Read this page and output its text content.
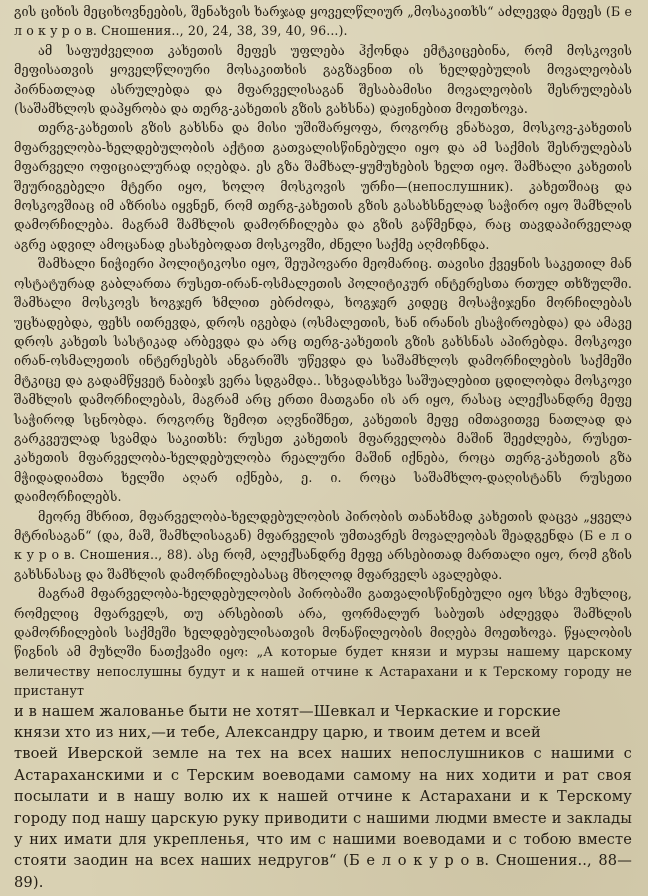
გის ციხის მეციხოვნეების, შენახვის ხარჯად ყოველწლიურ „მოსაკითხს“ აძლევდა მეფეს (Б е л о к у р о в. Сношения.., 20, 24, 38, 39, 40, 96...).

ამ საფუძველით კახეთის მეფეს უფლება ჰქონდა ემტკიცებინა, რომ მოსკოვის მეფისათვის ყოველწლიური მოსაკითხის გაგზავნით ის ხელდებულის მოვალეობას პირნათლად ასრულებდა და მფარველისაგან შესაბამისი მოვალეობის შესრულებას (საშამხლოს დაპყრობა და თერგ-კახეთის გზის გახსნა) დაჟინებით მოეთხოვა.

თერგ-კახეთის გზის გახსნა და მისი უშიშარყოფა, როგორც ვნახავთ, მოსკოვ-კახეთის მფარველობა-ხელდებულობის აქტით გათვალისწინებული იყო და ამ საქმის შესრულებას მფარველი ოფიციალურად იღებდა. ეს გზა შამხალ-ყუმუხების ხელთ იყო. შამხალი კახეთის შეურიგებელი მტერი იყო, ხოლო მოსკოვის ურჩი—(непослушник). კახეთშიაც და მოსკოვშიაც იმ აზრისა იყვნენ, რომ თერგ-კახეთის გზის გასახსნელად საჭირო იყო შამხლის დამორჩილება. მაგრამ შამხლის დამორჩილება და გზის გაწმენდა, რაც თავდაპირველად აგრე ადვილ ამოცანად ესახებოდათ მოსკოვში, ძნელი საქმე აღმოჩნდა.

შამხალი ნიჭიერი პოლიტიკოსი იყო, შეუპოვარი მეომარიც. თავისი ქვეყნის საკეთილ მან ოსტატურად გაბლართა რუსეთ-ირან-ოსმალეთის პოლიტიკურ ინტერესთა რთულ თხზულში. შამხალი მოსკოვს ხოგჯერ ხმლით ებრძოდა, ხოგჯერ კიდეც მოსაჭიჯენი მორჩილებას უცხადებდა, ფეხს ითრევდა, დროს იგებდა (ოსმალეთის, ხან ირანის ესაჭიროებდა) და ამავე დროს კახეთს სასტიკად არბევდა და არც თერგ-კახეთის გზის გახსნას აპირებდა. მოსკოვი ირან-ოსმალეთის ინტერესებს ანგარიშს უწევდა და საშამხლოს დამორჩილების საქმეში მტკიცე და გადამწყვეტ ნაბიჯს ვერა სდგამდა.. სხვადასხვა საშუალებით ცდილობდა მოსკოვი შამხლის დამორჩილებას, მაგრამ არც ერთი მათგანი ის არ იყო, რასაც ალექსანდრე მეფე საჭიროდ სცნობდა. როგორც ზემოთ აღვნიშნეთ, კახეთის მეფე იმთავითვე ნათლად და გარკვეულად სვამდა საკითხს: რუსეთ კახეთის მფარველობა მაშინ შეეძლება, რუსეთ-კახეთის მფარველობა-ხელდებულობა რეალური მაშინ იქნება, როცა თერგ-კახეთის გზა მჭიდადიამთა ხელში აღარ იქნება, ე. ი. როცა საშამხლო-დაღისტანს რუსეთი დაიმორჩილებს.

მეორე მხრით, მფარველობა-ხელდებულობის პირობის თანახმად კახეთის დაცვა „ყველა მტრისაგან“ (და, მაშ, შამხლისაგან) მფარველის უმთავრეს მოვალეობას შეადგენდა (Б е л о к у р о в. Сношения.., 88). ასე რომ, ალექსანდრე მეფე არსებითად მართალი იყო, რომ გზის გახსნასაც და შამხლის დამორჩილებასაც მხოლოდ მფარველს ავალებდა.

მაგრამ მფარველობა-ხელდებულობის პირობაში გათვალისწინებული იყო სხვა მუხლიც, რომელიც მფარველს, თუ არსებითს არა, ფორმალურ საბუთს აძლევდა შამხლის დამორჩილების საქმეში ხელდებულისათვის მონაწილეობის მიღება მოეთხოვა. წყალობის წიგნის ამ მუხლში ნათქვამი იყო: „А которые будет князи и мурзы нашему царскому величеству непослушны будут и к нашей отчине к Астарахани и к Терскому городу не пристанут

и в нашем жалованье быти не хотят—Шевкал и Черкаские и горские
князи хто из них,—и тебе, Александру царю, и твоим детем и всей
твоей Иверской земле на тех на всех наших непослушников с нашими с Астараханскими и с Терским воеводами самому на них ходити и рат своя посылати и в нашу волю их к нашей отчине к Астарахани и к Терскому городу под нашу царскую руку приводити с нашими людми вместе и заклады у них имати для укрепленья, что им с нашими воеводами и с тобою вместе стояти заодин на всех наших недругов“ (Б е л о к у р о в. Сношения.., 88—89).
